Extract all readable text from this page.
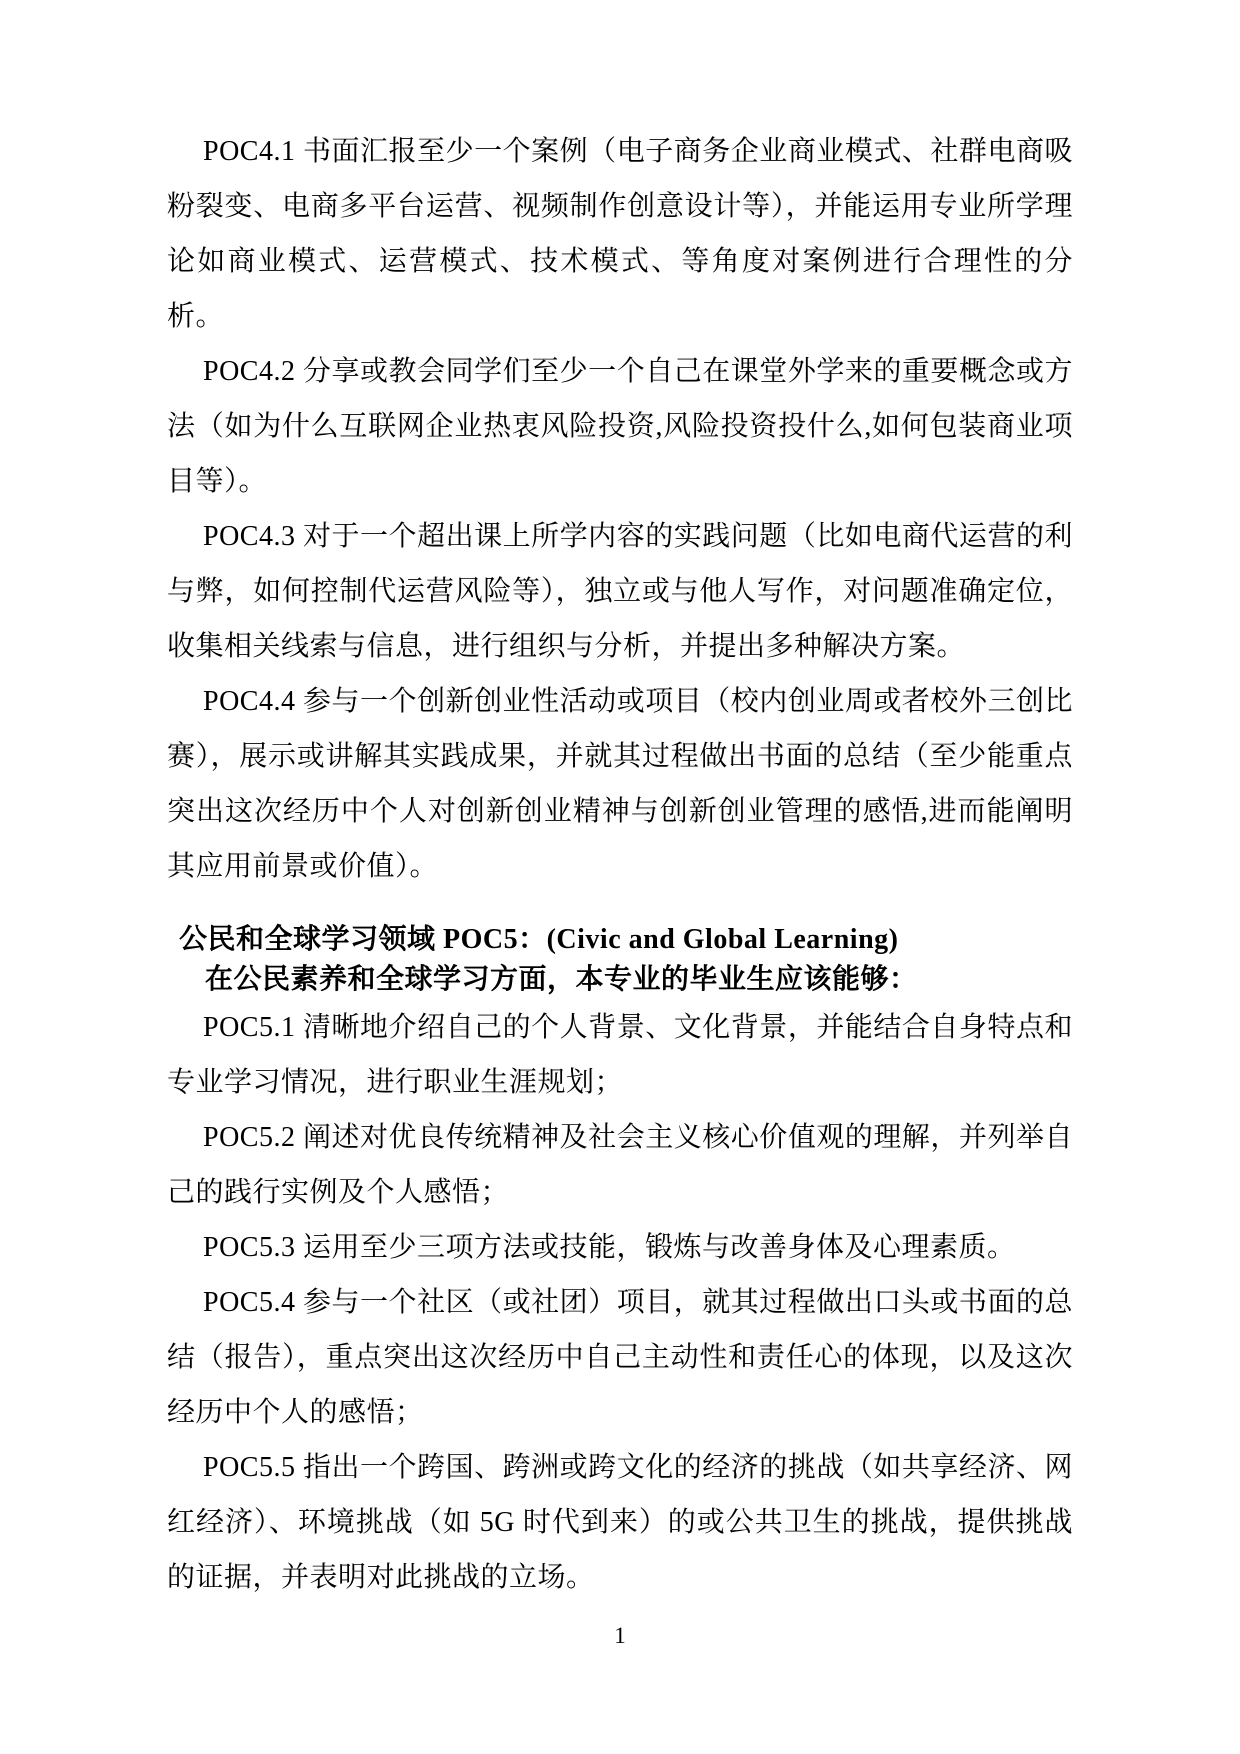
POC4.1 书面汇报至少一个案例（电子商务企业商业模式、社群电商吸粉裂变、电商多平台运营、视频制作创意设计等），并能运用专业所学理论如商业模式、运营模式、技术模式、等角度对案例进行合理性的分析。

POC4.2 分享或教会同学们至少一个自己在课堂外学来的重要概念或方法（如为什么互联网企业热衷风险投资,风险投资投什么,如何包装商业项目等）。

POC4.3 对于一个超出课上所学内容的实践问题（比如电商代运营的利与弊，如何控制代运营风险等），独立或与他人写作，对问题准确定位，收集相关线索与信息，进行组织与分析，并提出多种解决方案。

POC4.4 参与一个创新创业性活动或项目（校内创业周或者校外三创比赛），展示或讲解其实践成果，并就其过程做出书面的总结（至少能重点突出这次经历中个人对创新创业精神与创新创业管理的感悟,进而能阐明其应用前景或价值）。

公民和全球学习领域 POC5：(Civic and Global Learning)
在公民素养和全球学习方面，本专业的毕业生应该能够：

POC5.1 清晰地介绍自己的个人背景、文化背景，并能结合自身特点和专业学习情况，进行职业生涯规划；

POC5.2 阐述对优良传统精神及社会主义核心价值观的理解，并列举自己的践行实例及个人感悟；

POC5.3 运用至少三项方法或技能，锻炼与改善身体及心理素质。

POC5.4 参与一个社区（或社团）项目，就其过程做出口头或书面的总结（报告），重点突出这次经历中自己主动性和责任心的体现，以及这次经历中个人的感悟；

POC5.5 指出一个跨国、跨洲或跨文化的经济的挑战（如共享经济、网红经济）、环境挑战（如 5G 时代到来）的或公共卫生的挑战，提供挑战的证据，并表明对此挑战的立场。

1
